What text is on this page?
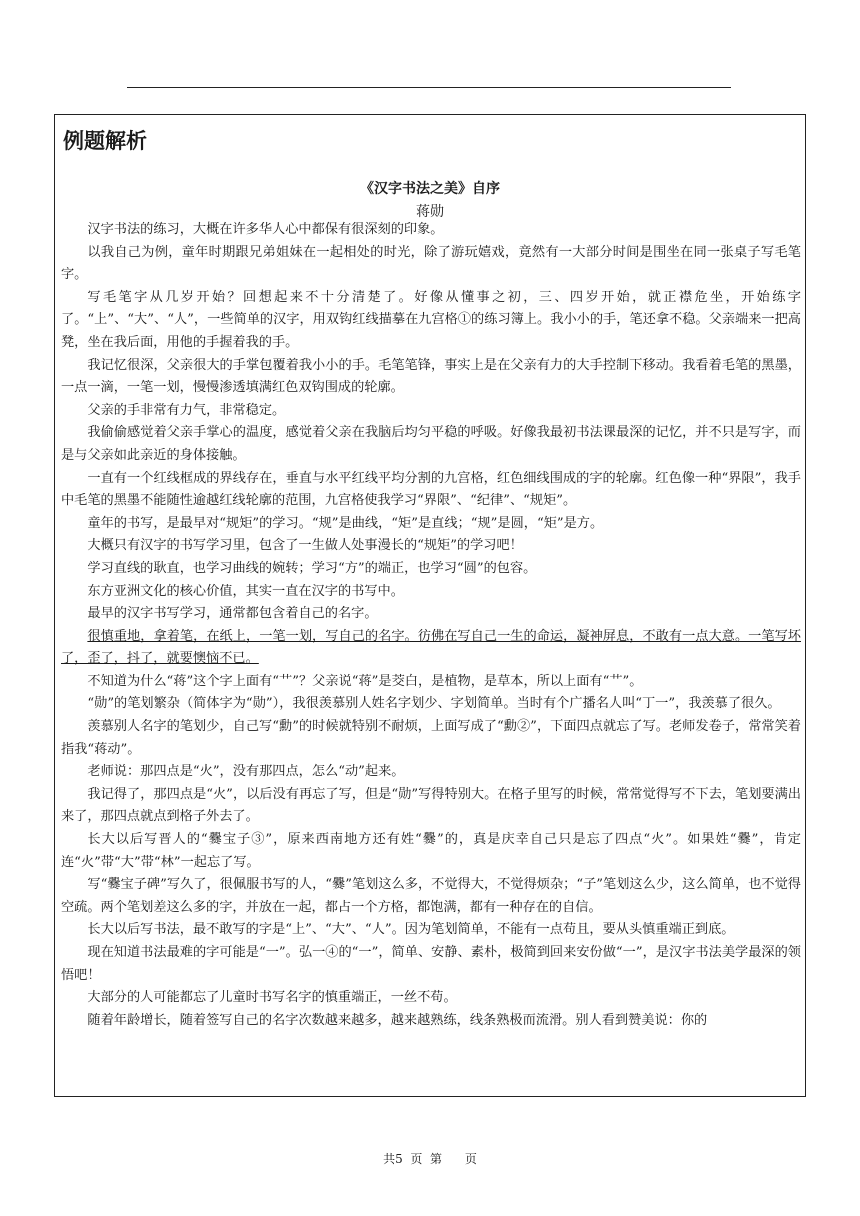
例题解析
《汉字书法之美》自序
蒋勋

汉字书法的练习，大概在许多华人心中都保有很深刻的印象。

以我自己为例，童年时期跟兄弟姐妹在一起相处的时光，除了游玩嬉戏，竟然有一大部分时间是围坐在同一张桌子写毛笔字。

写毛笔字从几岁开始？回想起来不十分清楚了。好像从懂事之初，三、四岁开始，就正襟危坐，开始练字了。“上”、“大”、“人”，一些简单的汉字，用双钩红线描摹在九宫格①的练习簿上。我小小的手，笔还拿不稳。父亲端来一把高凳，坐在我后面，用他的手握着我的手。

我记忆很深，父亲很大的手掌包覆着我小小的手。毛笔笔锋，事实上是在父亲有力的大手控制下移动。我看着毛笔的黑墨，一点一滴，一笔一划，慢慢渗透填满红色双钩围成的轮廓。

父亲的手非常有力气，非常稳定。

我偷偷感觉着父亲手掌心的温度，感觉着父亲在我脑后均匀平稳的呼吸。好像我最初书法课最深的记忆，并不只是写字，而是与父亲如此亲近的身体接触。

一直有一个红线框成的界线存在，垂直与水平红线平均分割的九宫格，红色细线围成的字的轮廓。红色像一种“界限”，我手中毛笔的黑墨不能随性逾越红线轮廓的范围，九宫格使我学习“界限”、“纪律”、“规矩”。

童年的书写，是最早对“规矩”的学习。“规”是曲线，“矩”是直线；“规”是圆，“矩”是方。

大概只有汉字的书写学习里，包含了一生做人处事漫长的“规矩”的学习吧！

学习直线的耿直，也学习曲线的婉转；学习“方”的端正，也学习“圆”的包容。

东方亚洲文化的核心价值，其实一直在汉字的书写中。

最早的汉字书写学习，通常都包含着自己的名字。

很慎重地，拿着笔，在纸上，一笔一划，写自己的名字。彷佛在写自己一生的命运，凝神屏息，不敢有一点大意。一笔写坏了，歪了，抖了，就要懊恼不已。

不知道为什么“蒋”这个字上面有“艹”？父亲说“蒋”是茭白，是植物，是草本，所以上面有“艹”。

“勋”的笔划繁杂（简体字为“勋”），我很羡慕别人姓名字划少、字划简单。当时有个广播名人叫“丁一”，我羡慕了很久。

羡慕别人名字的笔划少，自己写“勳”的时候就特别不耐烦，上面写成了“勳②”，下面四点就忘了写。老师发卷子，常常笑着指我“蒋动”。

老师说：那四点是“火”，没有那四点，怎么“动”起来。

我记得了，那四点是“火”，以后没有再忘了写，但是“勋”写得特别大。在格子里写的时候，常常觉得写不下去，笔划要满出来了，那四点就点到格子外去了。

长大以后写晋人的“爨宝子③”，原来西南地方还有姓“爨”的，真是庆幸自己只是忘了四点“火”。如果姓“爨”，肯定连“火”带“大”带“林”一起忘了写。

写“爨宝子碑”写久了，很佩服书写的人，“爨”笔划这么多，不觉得大，不觉得烦杂；“子”笔划这么少，这么简单，也不觉得空疏。两个笔划差这么多的字，并放在一起，都占一个方格，都饱满，都有一种存在的自信。

长大以后写书法，最不敢写的字是“上”、“大”、“人”。因为笔划简单，不能有一点苟且，要从头慎重端正到底。

现在知道书法最难的字可能是“一”。弘一④的“一”，简单、安静、素朴，极简到回来安份做“一”，是汉字书法美学最深的领悟吧！

大部分的人可能都忘了儿童时书写名字的慎重端正，一丝不苟。

随着年龄增长，随着签写自己的名字次数越来越多，越来越熟练，线条熟极而流滑。别人看到赞美说：你的

共5 页 第 页
